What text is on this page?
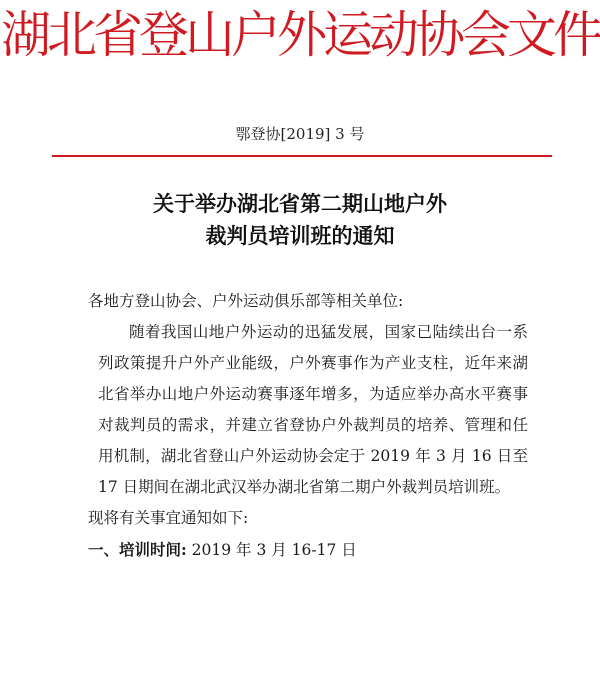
湖北省登山户外运动协会文件
鄂登协[2019] 3 号
关于举办湖北省第二期山地户外
裁判员培训班的通知

各地方登山协会、户外运动俱乐部等相关单位:

随着我国山地户外运动的迅猛发展，国家已陆续出台一系列政策提升户外产业能级，户外赛事作为产业支柱，近年来湖北省举办山地户外运动赛事逐年增多，为适应举办高水平赛事对裁判员的需求，并建立省登协户外裁判员的培养、管理和任用机制，湖北省登山户外运动协会定于 2019 年 3 月 16 日至 17 日期间在湖北武汉举办湖北省第二期户外裁判员培训班。

现将有关事宜通知如下:

一、培训时间: 2019 年 3 月 16-17 日
